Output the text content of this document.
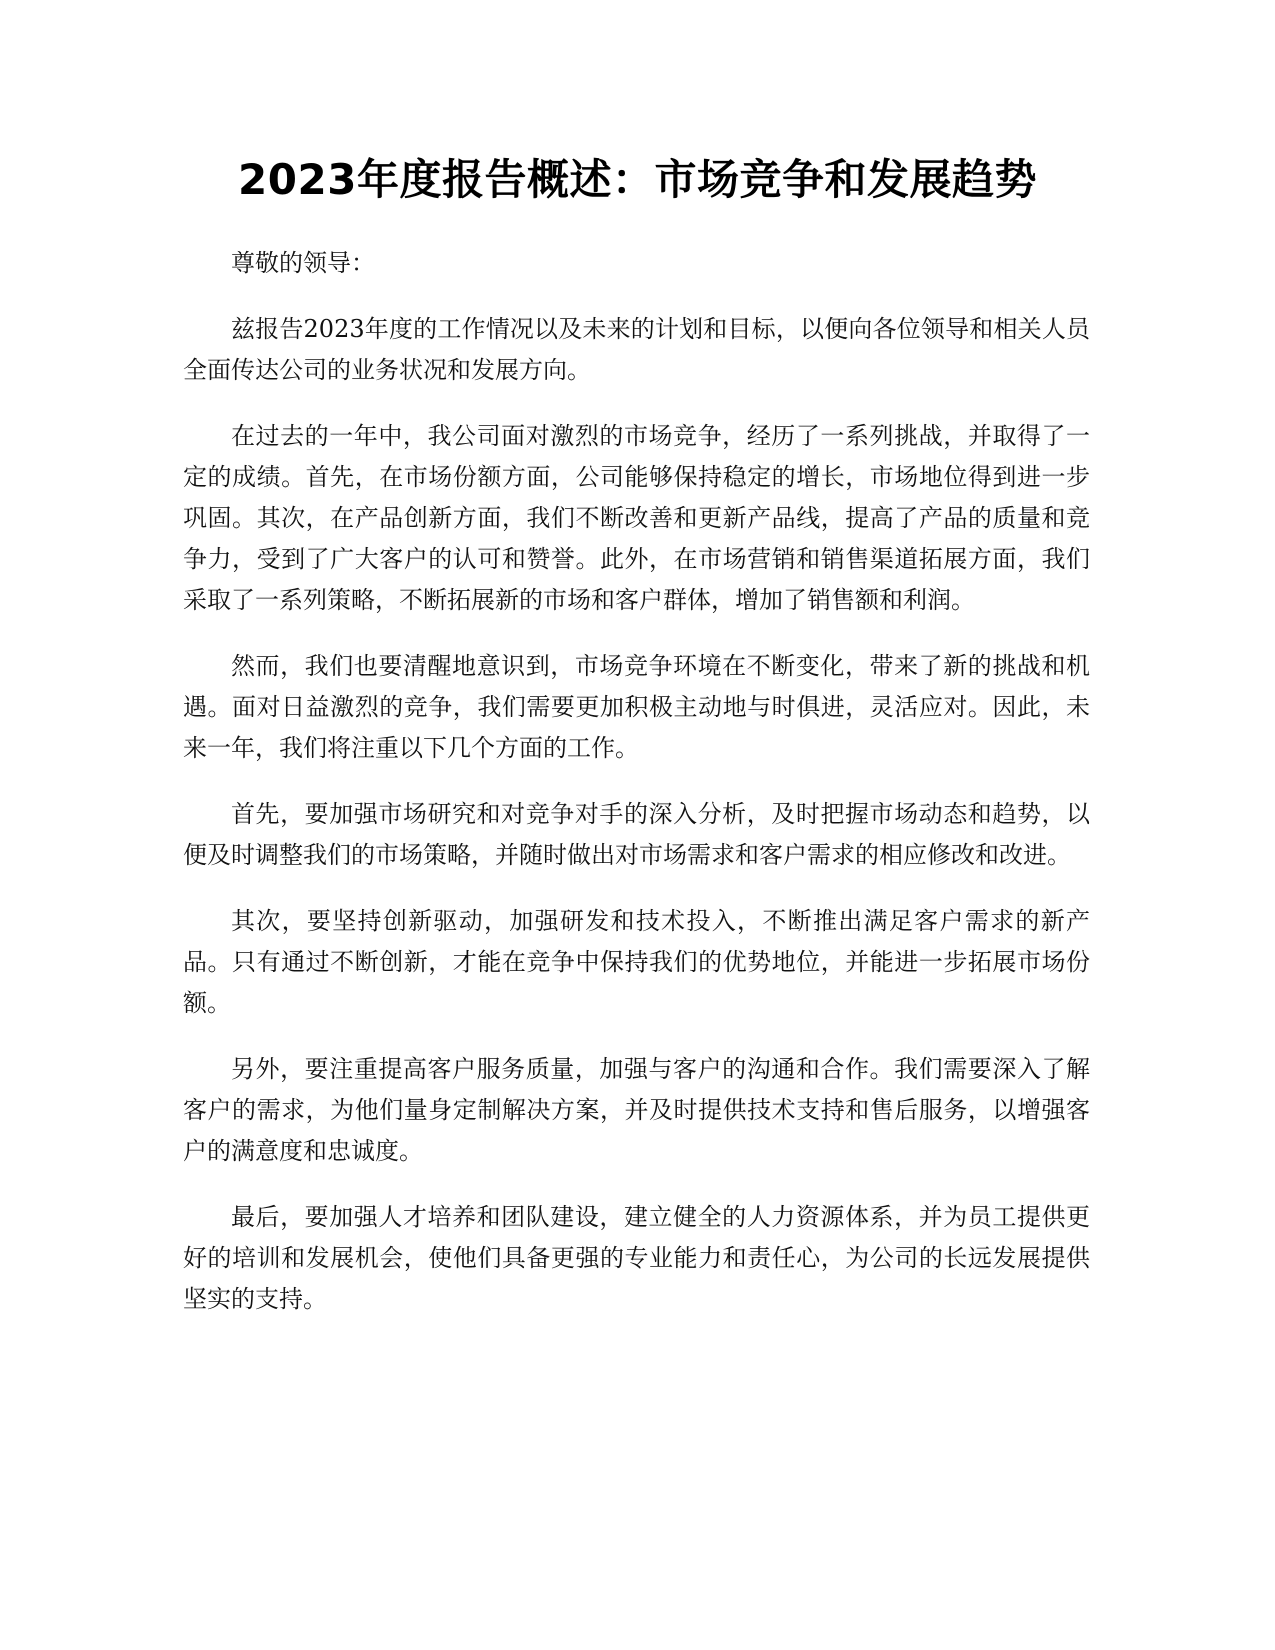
2023年度报告概述：市场竞争和发展趋势

尊敬的领导：

兹报告2023年度的工作情况以及未来的计划和目标，以便向各位领导和相关人员全面传达公司的业务状况和发展方向。

在过去的一年中，我公司面对激烈的市场竞争，经历了一系列挑战，并取得了一定的成绩。首先，在市场份额方面，公司能够保持稳定的增长，市场地位得到进一步巩固。其次，在产品创新方面，我们不断改善和更新产品线，提高了产品的质量和竞争力，受到了广大客户的认可和赞誉。此外，在市场营销和销售渠道拓展方面，我们采取了一系列策略，不断拓展新的市场和客户群体，增加了销售额和利润。

然而，我们也要清醒地意识到，市场竞争环境在不断变化，带来了新的挑战和机遇。面对日益激烈的竞争，我们需要更加积极主动地与时俱进，灵活应对。因此，未来一年，我们将注重以下几个方面的工作。

首先，要加强市场研究和对竞争对手的深入分析，及时把握市场动态和趋势，以便及时调整我们的市场策略，并随时做出对市场需求和客户需求的相应修改和改进。

其次，要坚持创新驱动，加强研发和技术投入，不断推出满足客户需求的新产品。只有通过不断创新，才能在竞争中保持我们的优势地位，并能进一步拓展市场份额。

另外，要注重提高客户服务质量，加强与客户的沟通和合作。我们需要深入了解客户的需求，为他们量身定制解决方案，并及时提供技术支持和售后服务，以增强客户的满意度和忠诚度。

最后，要加强人才培养和团队建设，建立健全的人力资源体系，并为员工提供更好的培训和发展机会，使他们具备更强的专业能力和责任心，为公司的长远发展提供坚实的支持。
